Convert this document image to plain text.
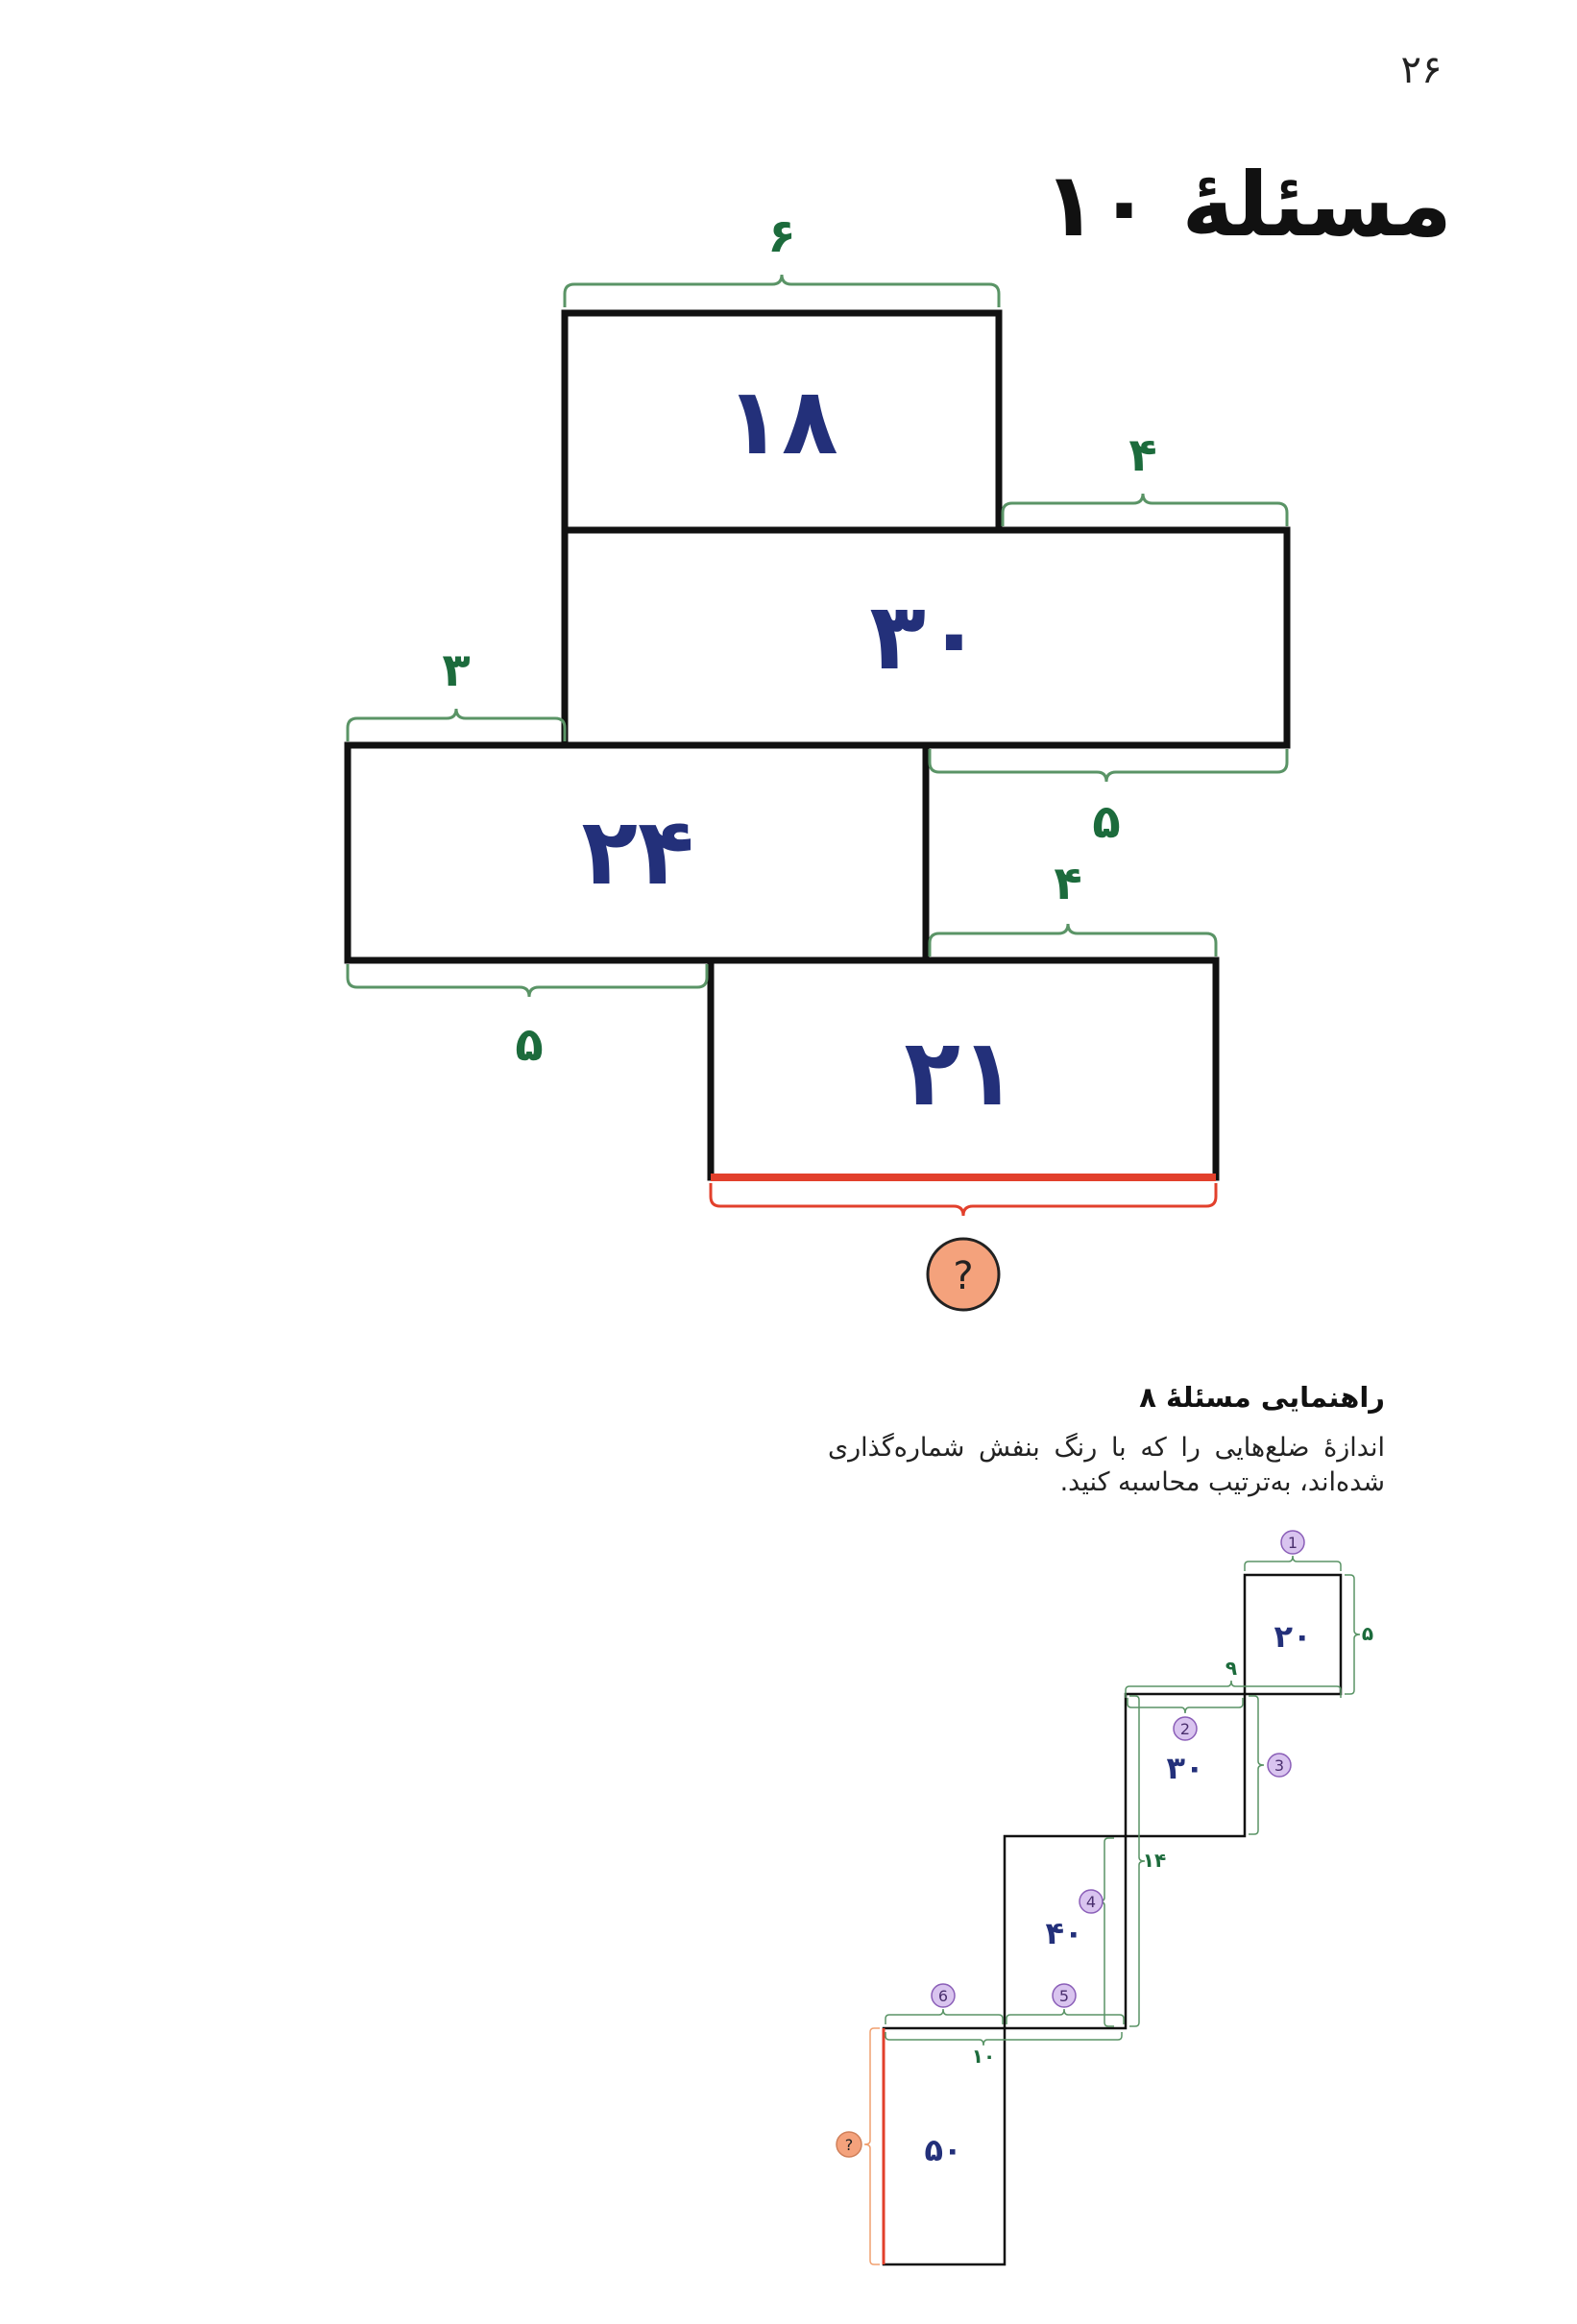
۲۶
مسئلهٔ ۱۰
۱۸
۳۰
۲۴
۲۱
۶
۴
۳
۵
۴
۵
?
۲۰
۳۰
۴۰
۵۰
۵
۹
۱۴
۱۰
1
2
3
4
5
6
?
راهنمایی مسئلهٔ ۸
اندازهٔ ضلع‌هایی را که با رنگ بنفش شماره‌گذاری شده‌اند، به‌ترتیب محاسبه کنید.
